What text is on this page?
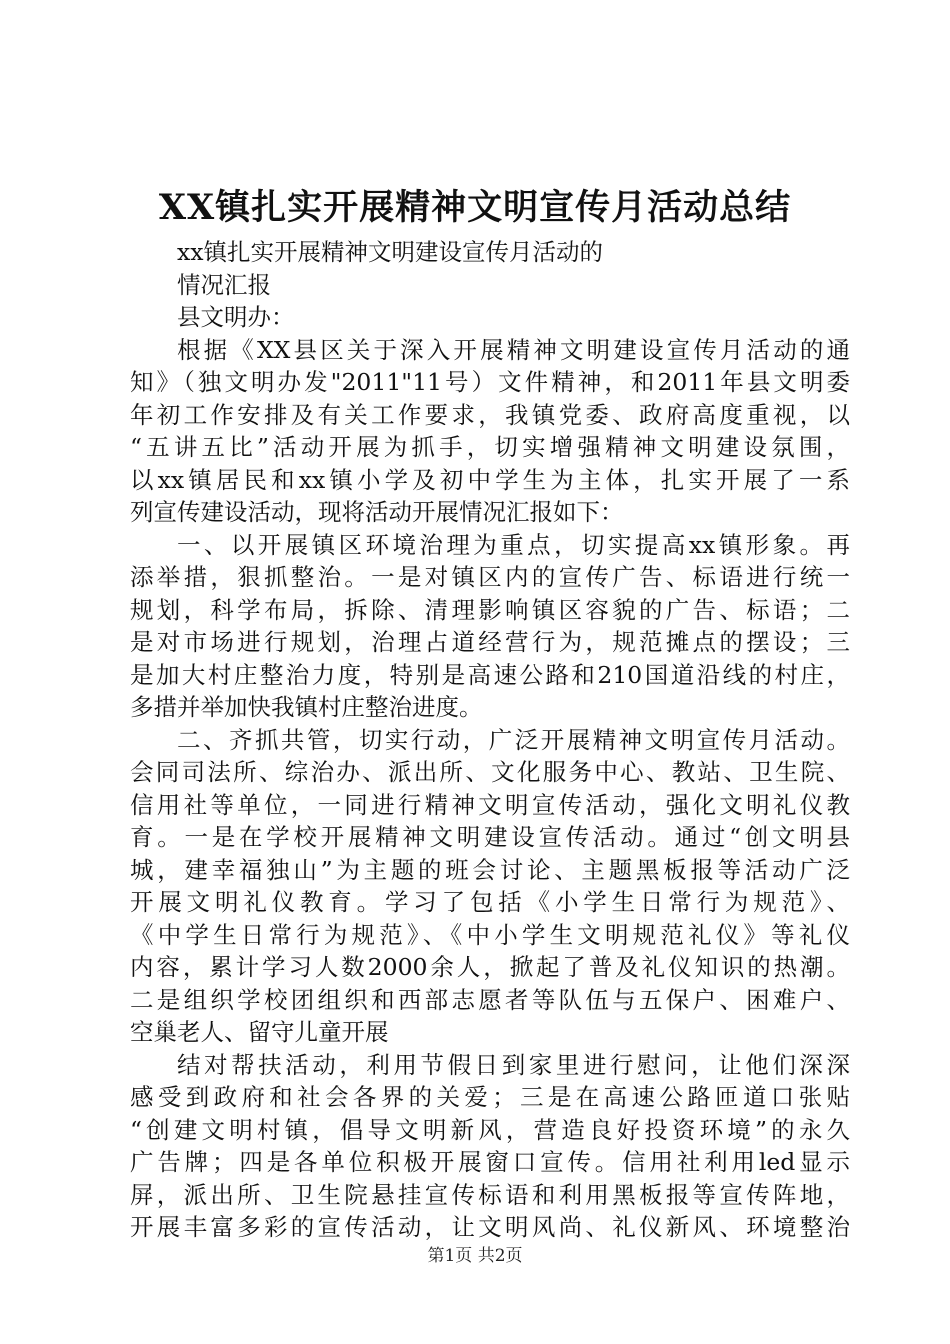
XX镇扎实开展精神文明宣传月活动总结
xx镇扎实开展精神文明建设宣传月活动的
情况汇报
县文明办：
根据《XX县区关于深入开展精神文明建设宣传月活动的通
知》（独文明办发"2011"11号）文件精神，和2011年县文明委
年初工作安排及有关工作要求，我镇党委、政府高度重视，以
“五讲五比”活动开展为抓手，切实增强精神文明建设氛围，
以xx镇居民和xx镇小学及初中学生为主体，扎实开展了一系
列宣传建设活动，现将活动开展情况汇报如下：
一、以开展镇区环境治理为重点，切实提高xx镇形象。再
添举措，狠抓整治。一是对镇区内的宣传广告、标语进行统一
规划，科学布局，拆除、清理影响镇区容貌的广告、标语；二
是对市场进行规划，治理占道经营行为，规范摊点的摆设；三
是加大村庄整治力度，特别是高速公路和210国道沿线的村庄，
多措并举加快我镇村庄整治进度。
二、齐抓共管，切实行动，广泛开展精神文明宣传月活动。
会同司法所、综治办、派出所、文化服务中心、教站、卫生院、
信用社等单位，一同进行精神文明宣传活动，强化文明礼仪教
育。一是在学校开展精神文明建设宣传活动。通过“创文明县
城，建幸福独山”为主题的班会讨论、主题黑板报等活动广泛
开展文明礼仪教育。学习了包括《小学生日常行为规范》、
《中学生日常行为规范》、《中小学生文明规范礼仪》等礼仪
内容，累计学习人数2000余人，掀起了普及礼仪知识的热潮。
二是组织学校团组织和西部志愿者等队伍与五保户、困难户、
空巢老人、留守儿童开展
结对帮扶活动，利用节假日到家里进行慰问，让他们深深
感受到政府和社会各界的关爱；三是在高速公路匝道口张贴
“创建文明村镇，倡导文明新风，营造良好投资环境”的永久
广告牌；四是各单位积极开展窗口宣传。信用社利用led显示
屏，派出所、卫生院悬挂宣传标语和利用黑板报等宣传阵地，
开展丰富多彩的宣传活动，让文明风尚、礼仪新风、环境整治
第1页 共2页
